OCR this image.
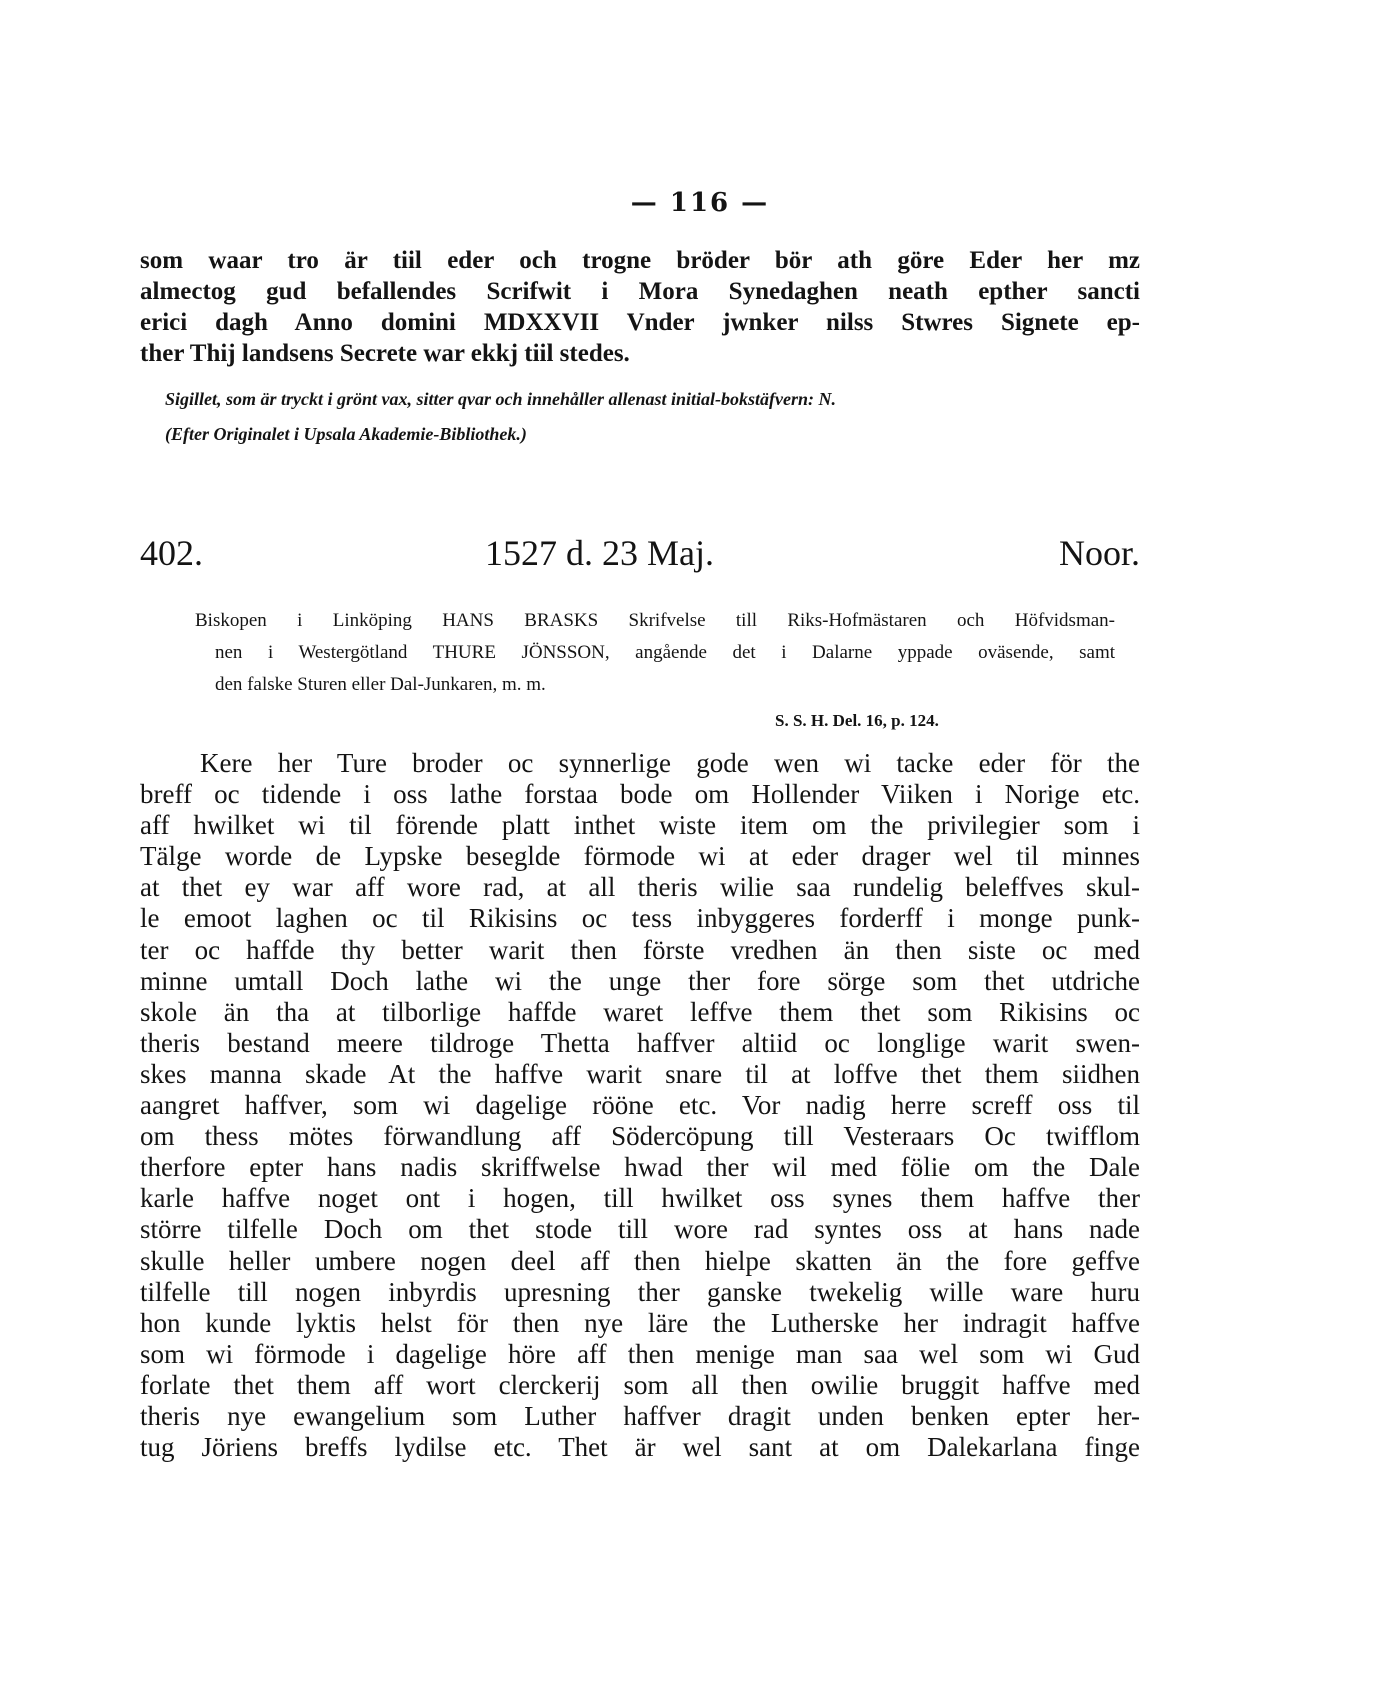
— 116 —
som waar tro är tiil eder och trogne bröder bör ath göre Eder her mz
almectog gud befallendes Scrifwit i Mora Synedaghen neath epther sancti
erici dagh Anno domini MDXXVII Vnder jwnker nilss Stwres Signete ep-
ther Thij landsens Secrete war ekkj tiil stedes.
Sigillet, som är tryckt i grönt vax, sitter qvar och innehåller allenast initial-bokstäfvern: N.
(Efter Originalet i Upsala Akademie-Bibliothek.)
402.	1527 d. 23 Maj.	Noor.
Biskopen i Linköping HANS BRASKS Skrifvelse till Riks-Hofmästaren och Höfvidsman-
nen i Westergötland THURE JÖNSSON, angående det i Dalarne yppade oväsende, samt
den falske Sturen eller Dal-Junkaren, m. m.
S. S. H. Del. 16, p. 124.
Kere her Ture broder oc synnerlige gode wen wi tacke eder för the
breff oc tidende i oss lathe forstaa bode om Hollender Viiken i Norige etc.
aff hwilket wi til förende platt inthet wiste item om the privilegier som i
Tälge worde de Lypske beseglde förmode wi at eder drager wel til minnes
at thet ey war aff wore rad, at all theris wilie saa rundelig beleffves skul-
le emoot laghen oc til Rikisins oc tess inbyggeres forderff i monge punk-
ter oc haffde thy better warit then förste vredhen än then siste oc med
minne umtall Doch lathe wi the unge ther fore sörge som thet utdriche
skole än tha at tilborlige haffde waret leffve them thet som Rikisins oc
theris bestand meere tildroge Thetta haffver altiid oc longlige warit swen-
skes manna skade At the haffve warit snare til at loffve thet them siidhen
aangret haffver, som wi dagelige rööne etc. Vor nadig herre screff oss til
om thess mötes förwandlung aff Södercöpung till Vesteraars Oc twifflom
therfore epter hans nadis skriffwelse hwad ther wil med fölie om the Dale
karle haffve noget ont i hogen, till hwilket oss synes them haffve ther
större tilfelle Doch om thet stode till wore rad syntes oss at hans nade
skulle heller umbere nogen deel aff then hielpe skatten än the fore geffve
tilfelle till nogen inbyrdis upresning ther ganske twekelig wille ware huru
hon kunde lyktis helst för then nye läre the Lutherske her indragit haffve
som wi förmode i dagelige höre aff then menige man saa wel som wi Gud
forlate thet them aff wort clerckerij som all then owilie bruggit haffve med
theris nye ewangelium som Luther haffver dragit unden benken epter her-
tug Jöriens breffs lydilse etc. Thet är wel sant at om Dalekarlana finge
